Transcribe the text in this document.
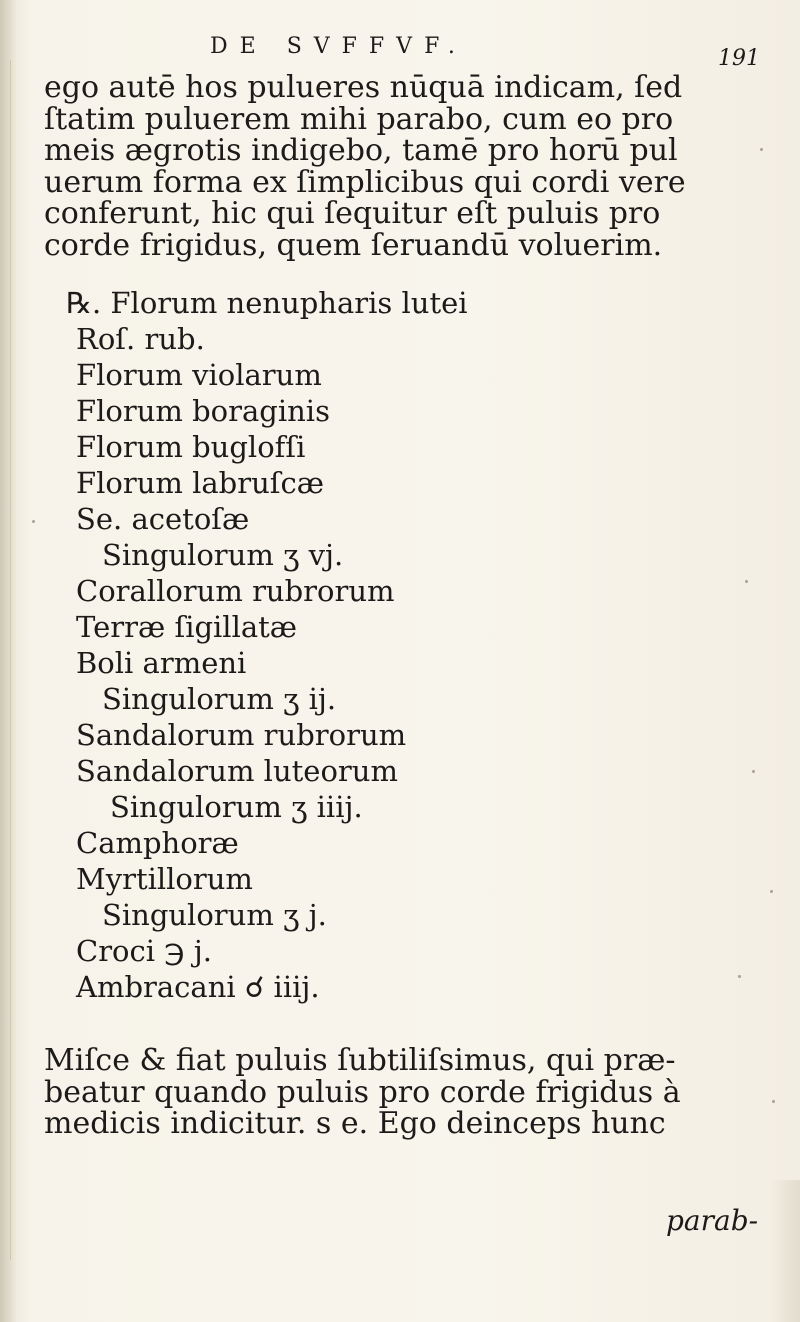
DE SVFFVF.	191
ego autē hos pulueres nūquā indicam, ſed
ſtatim puluerem mihi parabo, cum eo pro
meis ægrotis indigebo, tamē pro horū pul
uerum forma ex ſimplicibus qui cordi vere
conferunt, hic qui ſequitur eſt puluis pro
corde frigidus, quem ſeruandū voluerim.
℞. Florum nenupharis lutei
Roſ. rub.
Florum violarum
Florum boraginis
Florum buglofſi
Florum labruſcæ
Se. acetoſæ
Singulorum ʒ vj.
Corallorum rubrorum
Terræ ſigillatæ
Boli armeni
Singulorum ʒ ij.
Sandalorum rubrorum
Sandalorum luteorum
Singulorum ʒ iiij.
Camphoræ
Myrtillorum
Singulorum ʒ j.
Croci ℈ j.
Ambracani ☌ iiij.
Miſce & fiat puluis ſubtiliſsimus, qui præ-
beatur quando puluis pro corde frigidus à
medicis indicitur. s e. Ego deinceps hunc
parab-
